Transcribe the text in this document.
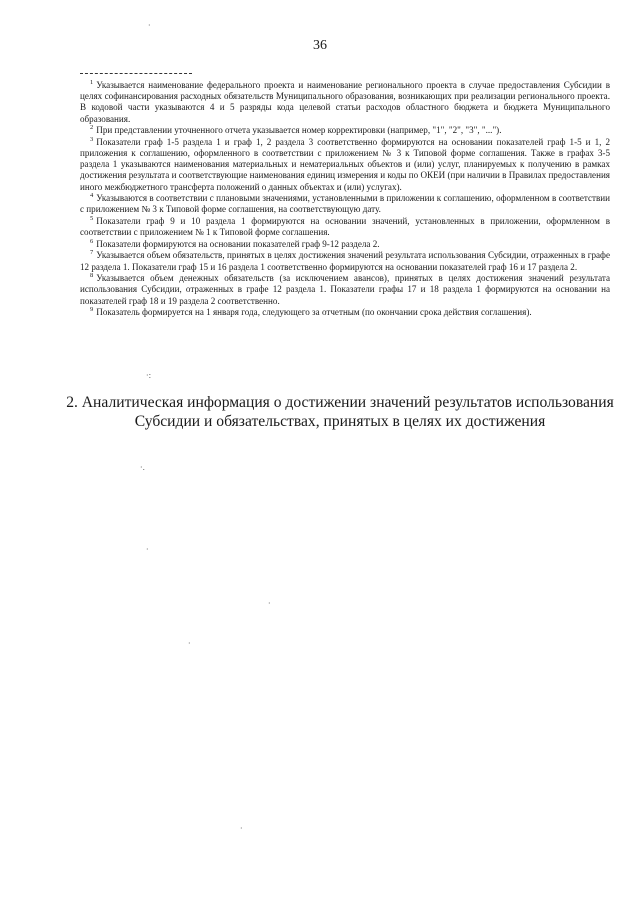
36

$^1$ Указывается наименование федерального проекта и наименование регионального проекта в случае предоставления Субсидии в целях софинансирования расходных обязательств Муниципального образования, возникающих при реализации регионального проекта. В кодовой части указываются 4 и 5 разряды кода целевой статьи расходов областного бюджета и бюджета Муниципального образования.

$^2$ При представлении уточненного отчета указывается номер корректировки (например, "1", "2", "3", "...").

$^3$ Показатели граф 1-5 раздела 1 и граф 1, 2 раздела 3 соответственно формируются на основании показателей граф 1-5 и 1, 2 приложения к соглашению, оформленного в соответствии с приложением № 3 к Типовой форме соглашения. Также в графах 3-5 раздела 1 указываются наименования материальных и нематериальных объектов и (или) услуг, планируемых к получению в рамках достижения результата и соответствующие наименования единиц измерения и коды по ОКЕИ (при наличии в Правилах предоставления иного межбюджетного трансферта положений о данных объектах и (или) услугах).

$^4$ Указываются в соответствии с плановыми значениями, установленными в приложении к соглашению, оформленном в соответствии с приложением № 3 к Типовой форме соглашения, на соответствующую дату.

$^5$ Показатели граф 9 и 10 раздела 1 формируются на основании значений, установленных в приложении, оформленном в соответствии с приложением № 1 к Типовой форме соглашения.

$^6$ Показатели формируются на основании показателей граф 9-12 раздела 2.

$^7$ Указывается объем обязательств, принятых в целях достижения значений результата использования Субсидии, отраженных в графе 12 раздела 1. Показатели граф 15 и 16 раздела 1 соответственно формируются на основании показателей граф 16 и 17 раздела 2.

$^8$ Указывается объем денежных обязательств (за исключением авансов), принятых в целях достижения значений результата использования Субсидии, отраженных в графе 12 раздела 1. Показатели графы 17 и 18 раздела 1 формируются на основании на показателей граф 18 и 19 раздела 2 соответственно.

$^9$ Показатель формируется на 1 января года, следующего за отчетным (по окончании срока действия соглашения).

2. Аналитическая информация о достижении значений результатов использования
Субсидии и обязательствах, принятых в целях их достижения
·
·:
·.
·
·
·
·
